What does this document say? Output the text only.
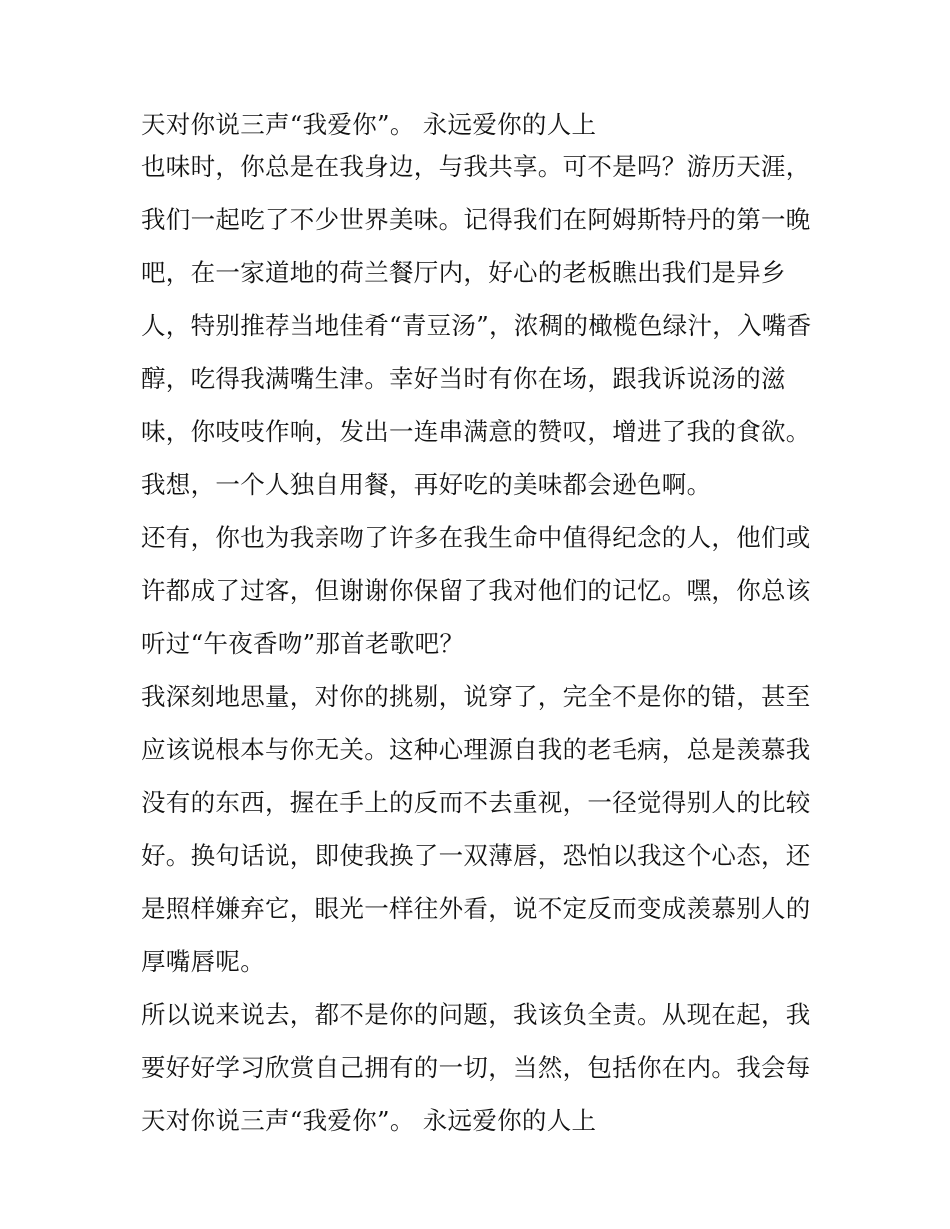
天对你说三声“我爱你”。 永远爱你的人上
也味时，你总是在我身边，与我共享。可不是吗？游历天涯，
我们一起吃了不少世界美味。记得我们在阿姆斯特丹的第一晚
吧，在一家道地的荷兰餐厅内，好心的老板瞧出我们是异乡
人，特别推荐当地佳肴“青豆汤”，浓稠的橄榄色绿汁，入嘴香
醇，吃得我满嘴生津。幸好当时有你在场，跟我诉说汤的滋
味，你吱吱作响，发出一连串满意的赞叹，增进了我的食欲。
我想，一个人独自用餐，再好吃的美味都会逊色啊。
还有，你也为我亲吻了许多在我生命中值得纪念的人，他们或
许都成了过客，但谢谢你保留了我对他们的记忆。嘿，你总该
听过“午夜香吻”那首老歌吧？
我深刻地思量，对你的挑剔，说穿了，完全不是你的错，甚至
应该说根本与你无关。这种心理源自我的老毛病，总是羡慕我
没有的东西，握在手上的反而不去重视，一径觉得别人的比较
好。换句话说，即使我换了一双薄唇，恐怕以我这个心态，还
是照样嫌弃它，眼光一样往外看，说不定反而变成羡慕别人的
厚嘴唇呢。
所以说来说去，都不是你的问题，我该负全责。从现在起，我
要好好学习欣赏自己拥有的一切，当然，包括你在内。我会每
天对你说三声“我爱你”。 永远爱你的人上
